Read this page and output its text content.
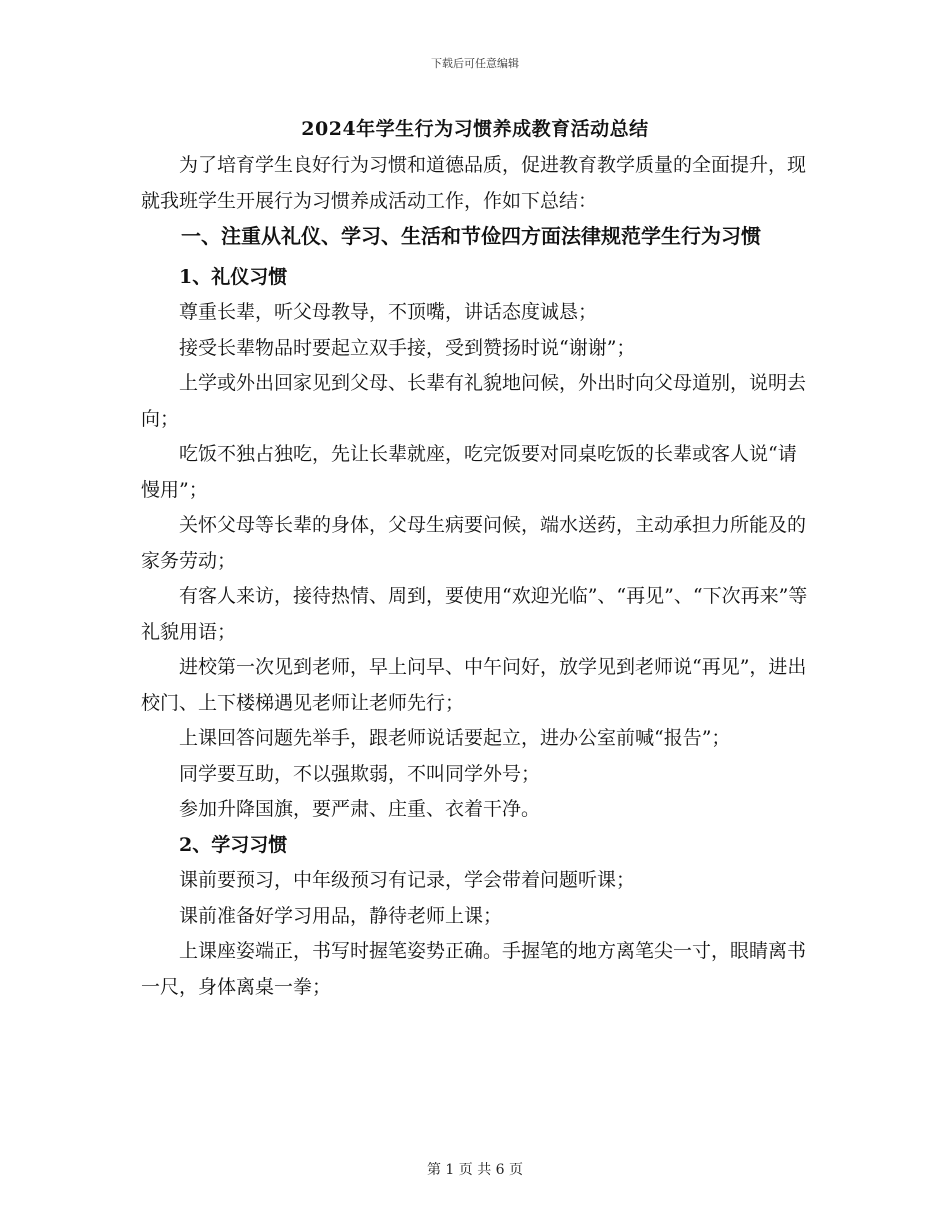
下载后可任意编辑
2024年学生行为习惯养成教育活动总结

为了培育学生良好行为习惯和道德品质，促进教育教学质量的全面提升，现就我班学生开展行为习惯养成活动工作，作如下总结：

一、注重从礼仪、学习、生活和节俭四方面法律规范学生行为习惯

1、礼仪习惯

尊重长辈，听父母教导，不顶嘴，讲话态度诚恳；

接受长辈物品时要起立双手接，受到赞扬时说“谢谢”；

上学或外出回家见到父母、长辈有礼貌地问候，外出时向父母道别，说明去向；

吃饭不独占独吃，先让长辈就座，吃完饭要对同桌吃饭的长辈或客人说“请慢用”；

关怀父母等长辈的身体，父母生病要问候，端水送药，主动承担力所能及的家务劳动；

有客人来访，接待热情、周到，要使用“欢迎光临”、“再见”、“下次再来”等礼貌用语；

进校第一次见到老师，早上问早、中午问好，放学见到老师说“再见”，进出校门、上下楼梯遇见老师让老师先行；

上课回答问题先举手，跟老师说话要起立，进办公室前喊“报告”；

同学要互助，不以强欺弱，不叫同学外号；

参加升降国旗，要严肃、庄重、衣着干净。

2、学习习惯

课前要预习，中年级预习有记录，学会带着问题听课；

课前准备好学习用品，静待老师上课；

上课座姿端正，书写时握笔姿势正确。手握笔的地方离笔尖一寸，眼睛离书一尺，身体离桌一拳；

第 1 页 共 6 页
